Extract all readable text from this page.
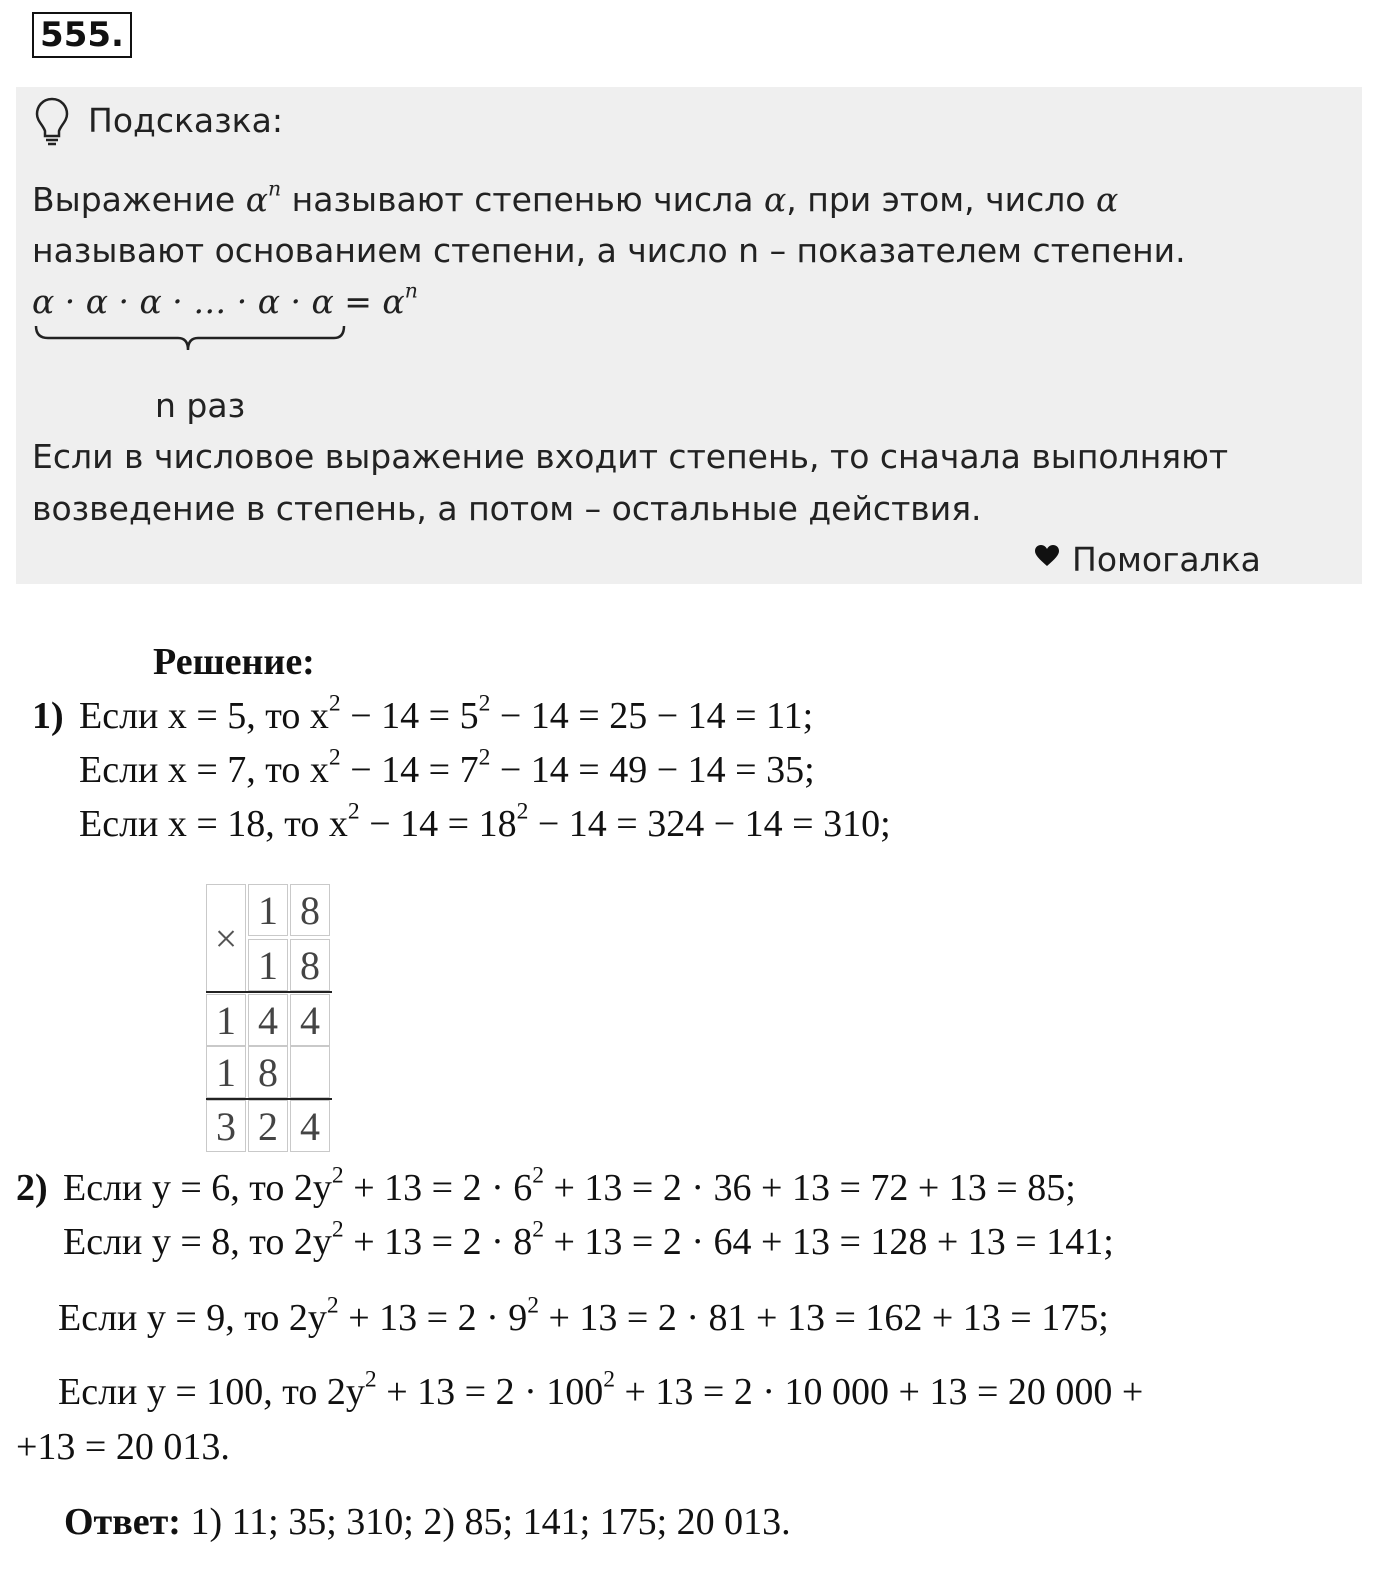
555.
Подсказка:
Выражение $\alpha^n$ называют степенью числа α, при этом, число α
называют основанием степени, а число n – показателем степени.
α · α · α · … · $\alpha \cdot \alpha = \alpha^n$
n раз
Если в числовое выражение входит степень, то сначала выполняют
возведение в степень, а потом – остальные действия.
Помогалка
Решение:
1) Если x = 5, то $x^2 - 14 = 5^2 - 14 = 25 - 14 = 11$;
Если x = 7, то $x^2 - 14 = 7^2 - 14 = 49 - 14 = 35$;
Если x = 18, то $x^2 - 14 = 18^2 - 14 = 324 - 14 = 310$;
×
1 8
1 8
1 4 4
1 8
3 2 4
2) Если y = 6, то $2y^2 + 13 = 2 \cdot 6^2 + 13 = 2 \cdot 36 + 13 = 72 + 13 = 85$;
Если y = 8, то $2y^2 + 13 = 2 \cdot 8^2 + 13 = 2 \cdot 64 + 13 = 128 + 13 = 141$;
Если y = 9, то $2y^2 + 13 = 2 \cdot 9^2 + 13 = 2 \cdot 81 + 13 = 162 + 13 = 175$;
Если y = 100, то $2y^2 + 13 = 2 \cdot 100^2 + 13 = 2 \cdot 10$ 000 + 13 = 20 000 +
+13 = 20 013.
Ответ: 1) 11; 35; 310; 2) 85; 141; 175; 20 013.
